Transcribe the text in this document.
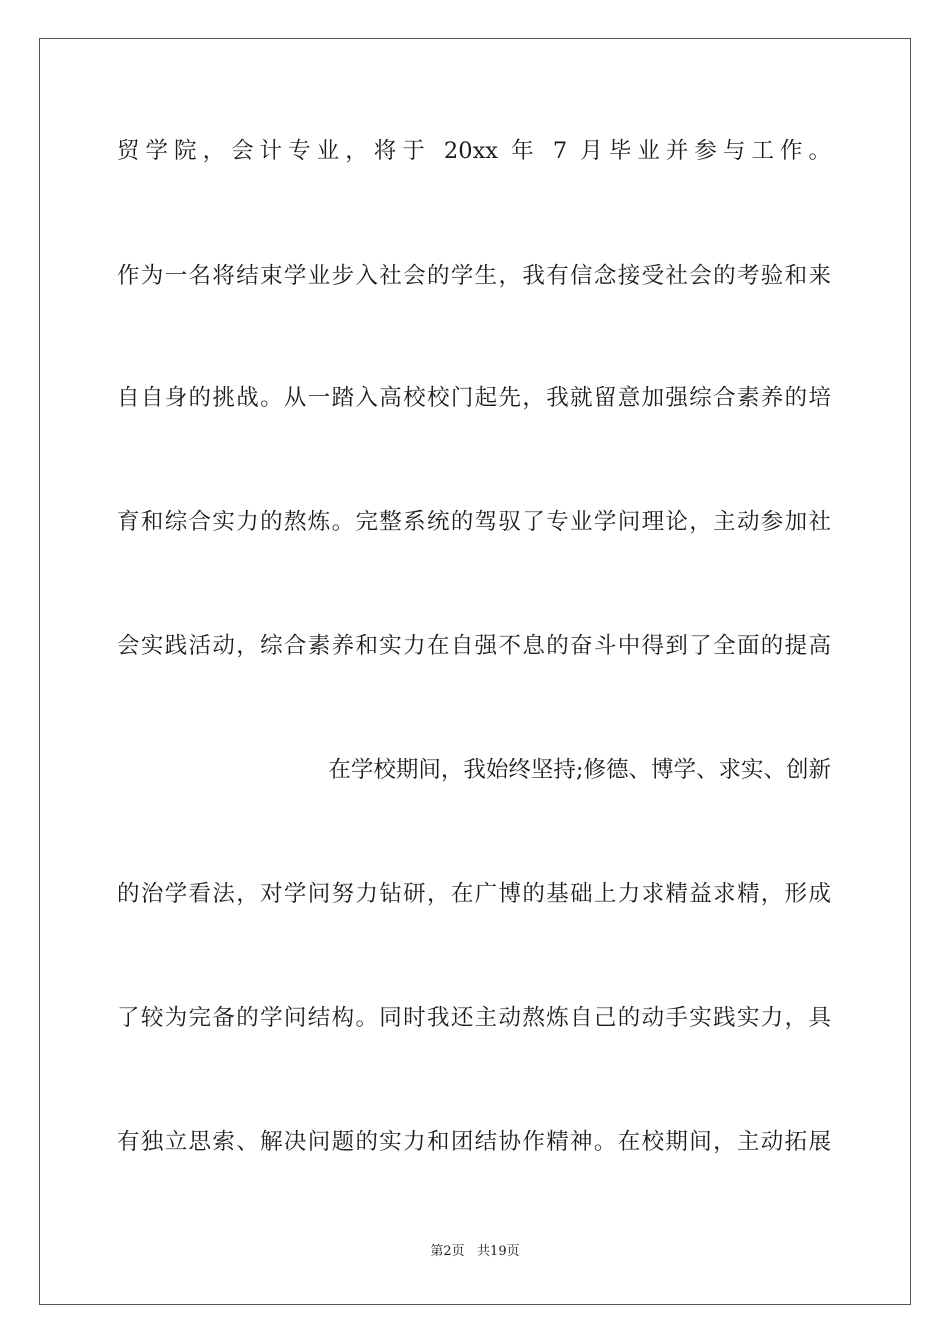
贸学院，会计专业，将于 20xx 年 7 月毕业并参与工作。
作为一名将结束学业步入社会的学生，我有信念接受社会的考验和来
自自身的挑战。从一踏入高校校门起先，我就留意加强综合素养的培
育和综合实力的熬炼。完整系统的驾驭了专业学问理论，主动参加社
会实践活动，综合素养和实力在自强不息的奋斗中得到了全面的提高
在学校期间，我始终坚持;修德、博学、求实、创新
的治学看法，对学问努力钻研，在广博的基础上力求精益求精，形成
了较为完备的学问结构。同时我还主动熬炼自己的动手实践实力，具
有独立思索、解决问题的实力和团结协作精神。在校期间，主动拓展
第2页   共19页
